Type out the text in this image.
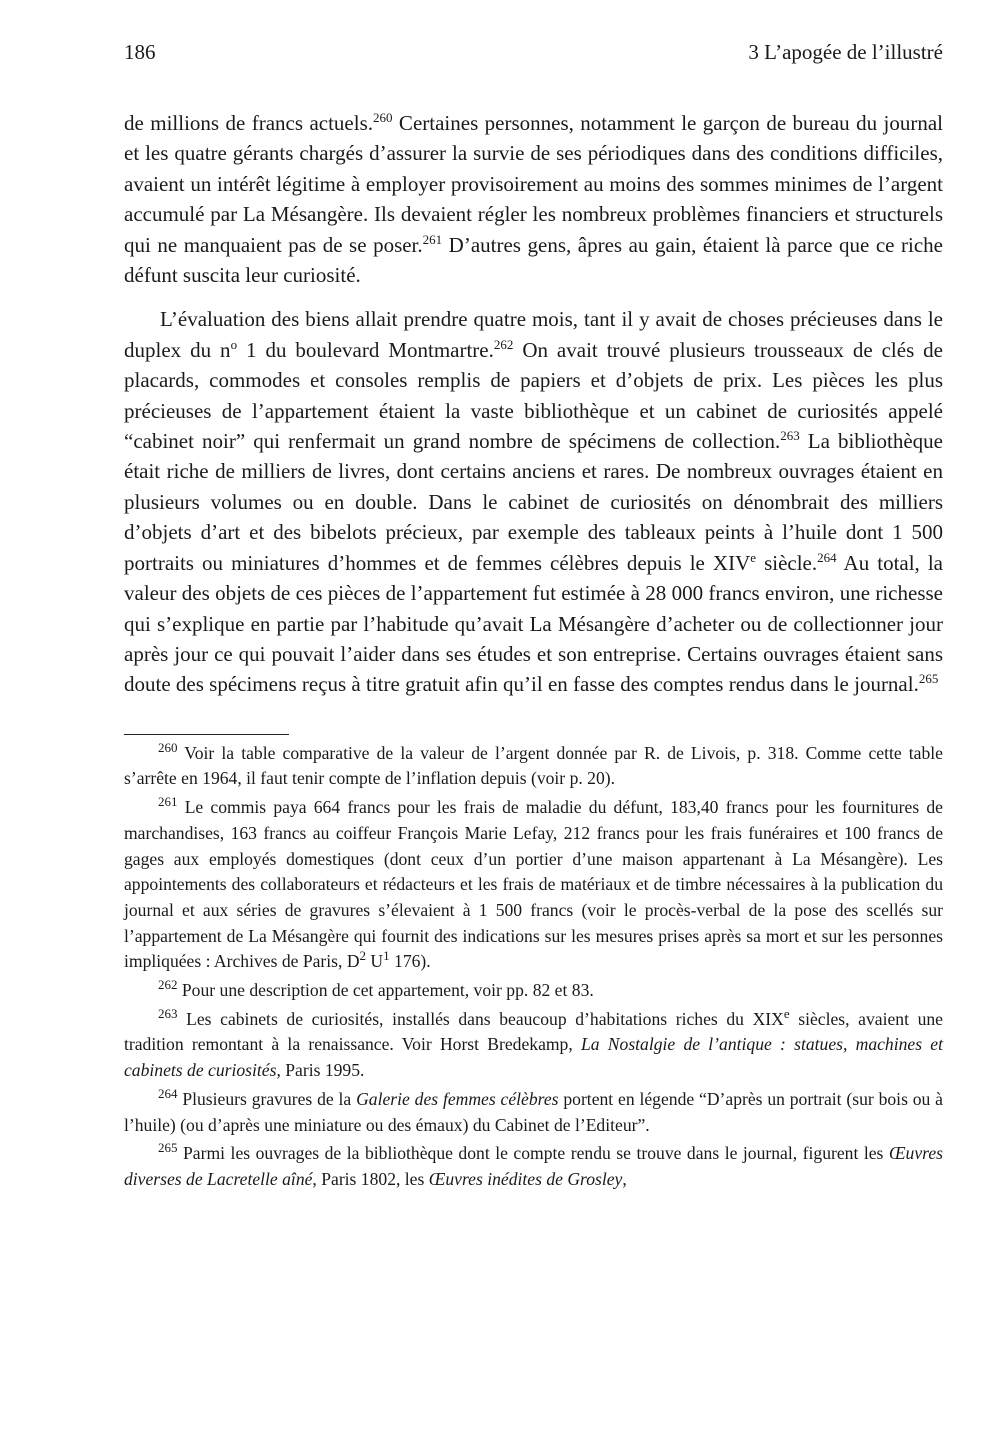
186	3 L’apogée de l’illustré

de millions de francs actuels.$^{260}$ Certaines personnes, notamment le garçon de bureau du journal et les quatre gérants chargés d’assurer la survie de ses périodiques dans des conditions difficiles, avaient un intérêt légitime à employer provisoirement au moins des sommes minimes de l’argent accumulé par La Mésangère. Ils devaient régler les nombreux problèmes financiers et structurels qui ne manquaient pas de se poser.$^{261}$ D’autres gens, âpres au gain, étaient là parce que ce riche défunt suscita leur curiosité.

L’évaluation des biens allait prendre quatre mois, tant il y avait de choses précieuses dans le duplex du $n^o$ 1 du boulevard Montmartre.$^{262}$ On avait trouvé plusieurs trousseaux de clés de placards, commodes et consoles remplis de papiers et d’objets de prix. Les pièces les plus précieuses de l’appartement étaient la vaste bibliothèque et un cabinet de curiosités appelé “cabinet noir” qui renfermait un grand nombre de spécimens de collection.$^{263}$ La bibliothèque était riche de milliers de livres, dont certains anciens et rares. De nombreux ouvrages étaient en plusieurs volumes ou en double. Dans le cabinet de curiosités on dénombrait des milliers d’objets d’art et des bibelots précieux, par exemple des tableaux peints à l’huile dont 1 500 portraits ou miniatures d’hommes et de femmes célèbres depuis le XIVe siècle.$^{264}$ Au total, la valeur des objets de ces pièces de l’appartement fut estimée à 28 000 francs environ, une richesse qui s’explique en partie par l’habitude qu’avait La Mésangère d’acheter ou de collectionner jour après jour ce qui pouvait l’aider dans ses études et son entreprise. Certains ouvrages étaient sans doute des spécimens reçus à titre gratuit afin qu’il en fasse des comptes rendus dans le journal.$^{265}$

$^{260}$ Voir la table comparative de la valeur de l’argent donnée par R. de Livois, p. 318. Comme cette table s’arrête en 1964, il faut tenir compte de l’inflation depuis (voir p. 20).

$^{261}$ Le commis paya 664 francs pour les frais de maladie du défunt, 183,40 francs pour les fournitures de marchandises, 163 francs au coiffeur François Marie Lefay, 212 francs pour les frais funéraires et 100 francs de gages aux employés domestiques (dont ceux d’un portier d’une maison appartenant à La Mésangère). Les appointements des collaborateurs et rédacteurs et les frais de matériaux et de timbre nécessaires à la publication du journal et aux séries de gravures s’élevaient à 1 500 francs (voir le procès-verbal de la pose des scellés sur l’appartement de La Mésangère qui fournit des indications sur les mesures prises après sa mort et sur les personnes impliquées : Archives de Paris, $D^2$ $U^1$ 176).

$^{262}$ Pour une description de cet appartement, voir pp. 82 et 83.

$^{263}$ Les cabinets de curiosités, installés dans beaucoup d’habitations riches du XIXe siècles, avaient une tradition remontant à la renaissance. Voir Horst Bredekamp, La Nostalgie de l’antique : statues, machines et cabinets de curiosités, Paris 1995.

$^{264}$ Plusieurs gravures de la Galerie des femmes célèbres portent en légende “D’après un portrait (sur bois ou à l’huile) (ou d’après une miniature ou des émaux) du Cabinet de l’Editeur”.

$^{265}$ Parmi les ouvrages de la bibliothèque dont le compte rendu se trouve dans le journal, figurent les Œuvres diverses de Lacretelle aîné, Paris 1802, les Œuvres inédites de Grosley,
